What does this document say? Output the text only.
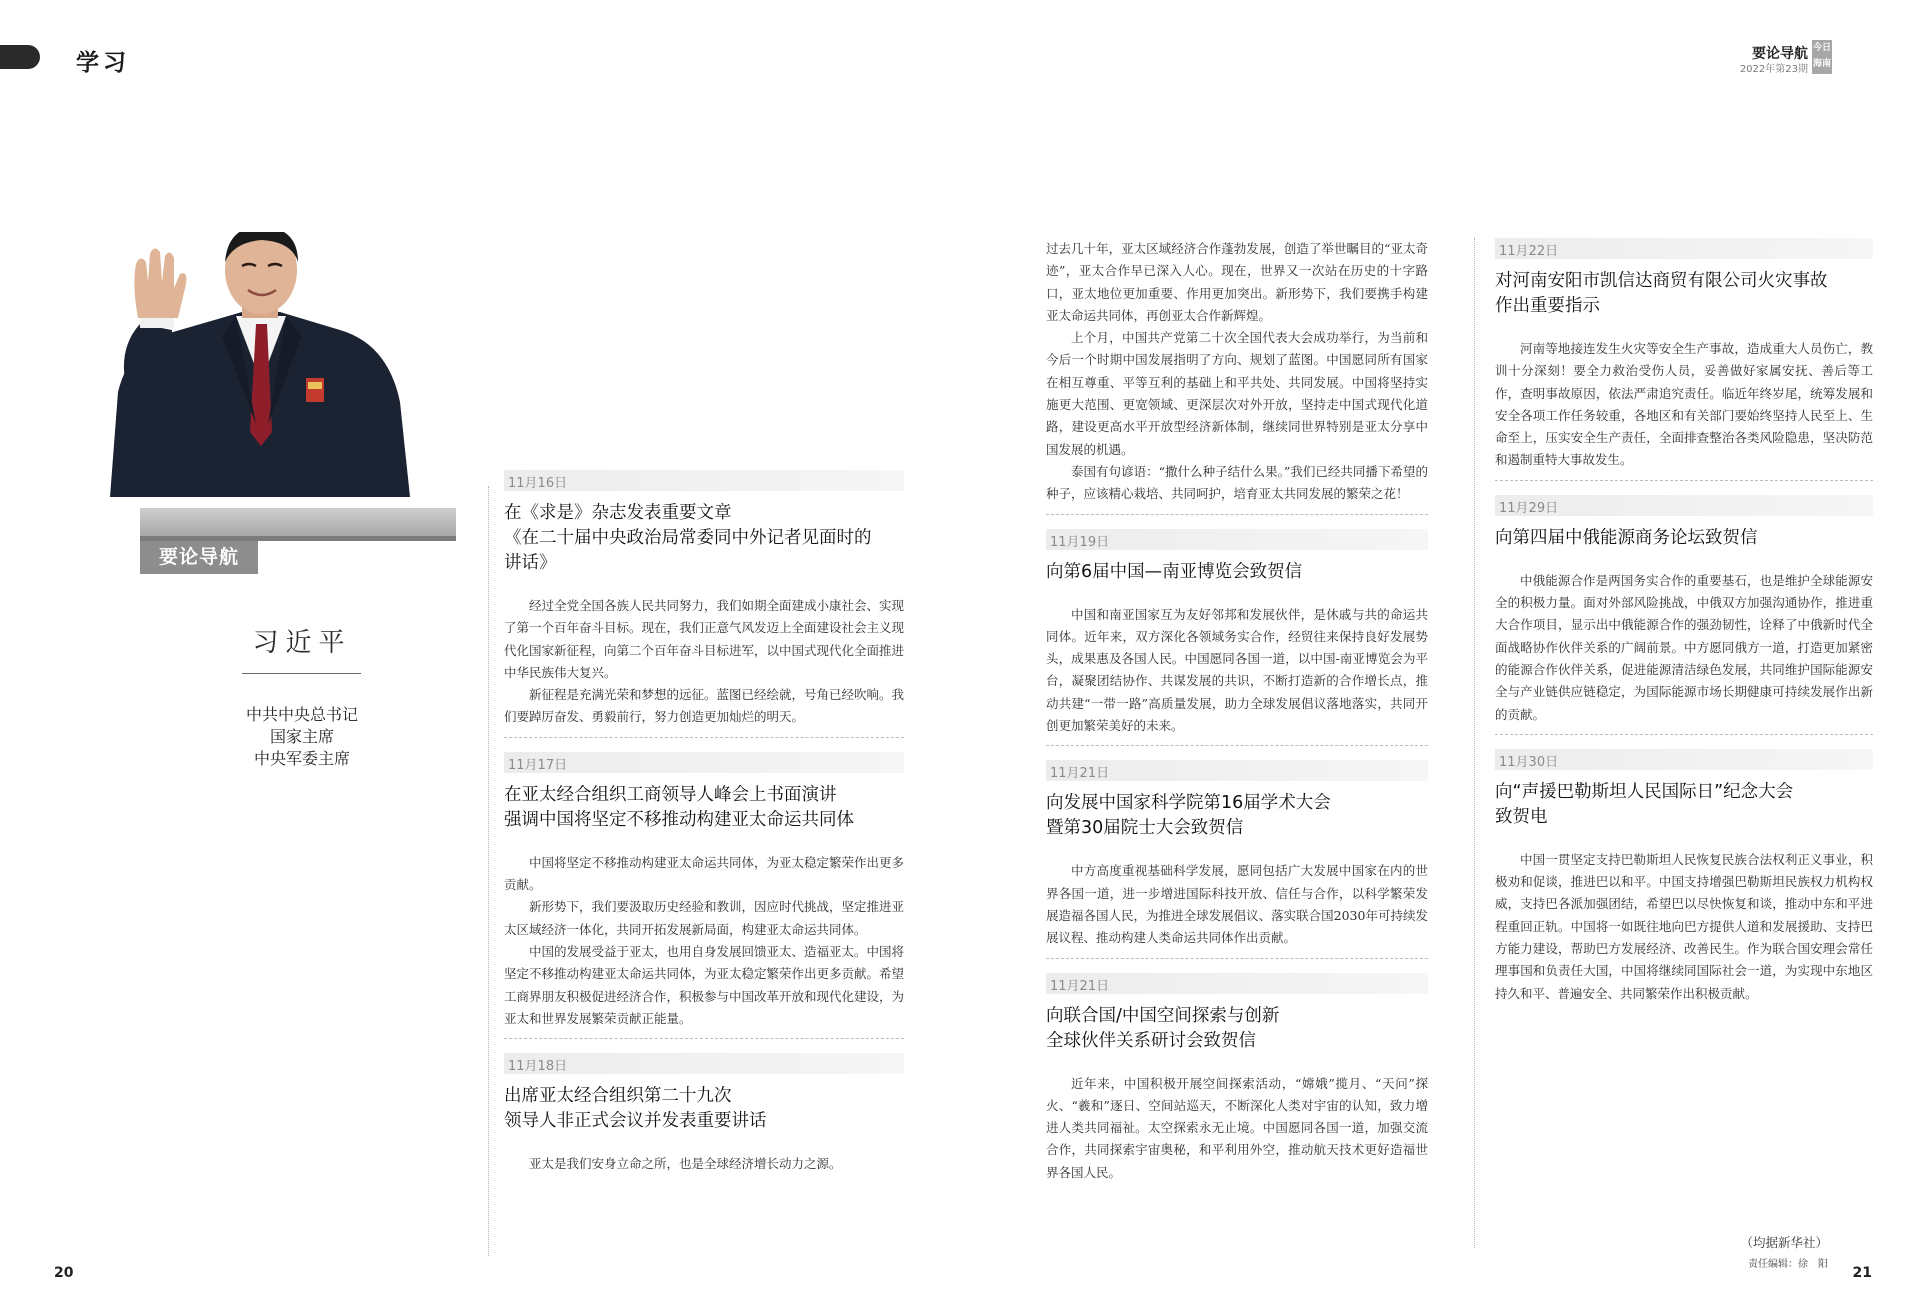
学习	要论导航
2022年第23期
今日 海南
要论导航
习近平
中共中央总书记
国家主席
中央军委主席
11月16日
在《求是》杂志发表重要文章
《在二十届中央政治局常委同中外记者见面时的
讲话》

经过全党全国各族人民共同努力，我们如期全面建成小康社会、实现了第一个百年奋斗目标。现在，我们正意气风发迈上全面建设社会主义现代化国家新征程，向第二个百年奋斗目标进军，以中国式现代化全面推进中华民族伟大复兴。

新征程是充满光荣和梦想的远征。蓝图已经绘就，号角已经吹响。我们要踔厉奋发、勇毅前行，努力创造更加灿烂的明天。

11月17日
在亚太经合组织工商领导人峰会上书面演讲
强调中国将坚定不移推动构建亚太命运共同体

中国将坚定不移推动构建亚太命运共同体，为亚太稳定繁荣作出更多贡献。

新形势下，我们要汲取历史经验和教训，因应时代挑战，坚定推进亚太区域经济一体化，共同开拓发展新局面，构建亚太命运共同体。

中国的发展受益于亚太，也用自身发展回馈亚太、造福亚太。中国将坚定不移推动构建亚太命运共同体，为亚太稳定繁荣作出更多贡献。希望工商界朋友积极促进经济合作，积极参与中国改革开放和现代化建设，为亚太和世界发展繁荣贡献正能量。

11月18日
出席亚太经合组织第二十九次
领导人非正式会议并发表重要讲话

亚太是我们安身立命之所，也是全球经济增长动力之源。

过去几十年，亚太区域经济合作蓬勃发展，创造了举世瞩目的“亚太奇迹”，亚太合作早已深入人心。现在，世界又一次站在历史的十字路口，亚太地位更加重要、作用更加突出。新形势下，我们要携手构建亚太命运共同体，再创亚太合作新辉煌。

上个月，中国共产党第二十次全国代表大会成功举行，为当前和今后一个时期中国发展指明了方向、规划了蓝图。中国愿同所有国家在相互尊重、平等互利的基础上和平共处、共同发展。中国将坚持实施更大范围、更宽领域、更深层次对外开放，坚持走中国式现代化道路，建设更高水平开放型经济新体制，继续同世界特别是亚太分享中国发展的机遇。

泰国有句谚语：“撒什么种子结什么果。”我们已经共同播下希望的种子，应该精心栽培、共同呵护，培育亚太共同发展的繁荣之花！

11月19日
向第6届中国—南亚博览会致贺信

中国和南亚国家互为友好邻邦和发展伙伴，是休戚与共的命运共同体。近年来，双方深化各领域务实合作，经贸往来保持良好发展势头，成果惠及各国人民。中国愿同各国一道，以中国-南亚博览会为平台，凝聚团结协作、共谋发展的共识，不断打造新的合作增长点，推动共建“一带一路”高质量发展，助力全球发展倡议落地落实，共同开创更加繁荣美好的未来。

11月21日
向发展中国家科学院第16届学术大会
暨第30届院士大会致贺信

中方高度重视基础科学发展，愿同包括广大发展中国家在内的世界各国一道，进一步增进国际科技开放、信任与合作，以科学繁荣发展造福各国人民，为推进全球发展倡议、落实联合国2030年可持续发展议程、推动构建人类命运共同体作出贡献。

11月21日
向联合国/中国空间探索与创新
全球伙伴关系研讨会致贺信

近年来，中国积极开展空间探索活动，“嫦娥”揽月、“天问”探火、“羲和”逐日、空间站巡天，不断深化人类对宇宙的认知，致力增进人类共同福祉。太空探索永无止境。中国愿同各国一道，加强交流合作，共同探索宇宙奥秘，和平利用外空，推动航天技术更好造福世界各国人民。

11月22日
对河南安阳市凯信达商贸有限公司火灾事故
作出重要指示

河南等地接连发生火灾等安全生产事故，造成重大人员伤亡，教训十分深刻！要全力救治受伤人员，妥善做好家属安抚、善后等工作，查明事故原因，依法严肃追究责任。临近年终岁尾，统筹发展和安全各项工作任务较重，各地区和有关部门要始终坚持人民至上、生命至上，压实安全生产责任，全面排查整治各类风险隐患，坚决防范和遏制重特大事故发生。

11月29日
向第四届中俄能源商务论坛致贺信

中俄能源合作是两国务实合作的重要基石，也是维护全球能源安全的积极力量。面对外部风险挑战，中俄双方加强沟通协作，推进重大合作项目，显示出中俄能源合作的强劲韧性，诠释了中俄新时代全面战略协作伙伴关系的广阔前景。中方愿同俄方一道，打造更加紧密的能源合作伙伴关系，促进能源清洁绿色发展，共同维护国际能源安全与产业链供应链稳定，为国际能源市场长期健康可持续发展作出新的贡献。

11月30日
向“声援巴勒斯坦人民国际日”纪念大会
致贺电

中国一贯坚定支持巴勒斯坦人民恢复民族合法权利正义事业，积极劝和促谈，推进巴以和平。中国支持增强巴勒斯坦民族权力机构权威，支持巴各派加强团结，希望巴以尽快恢复和谈，推动中东和平进程重回正轨。中国将一如既往地向巴方提供人道和发展援助、支持巴方能力建设，帮助巴方发展经济、改善民生。作为联合国安理会常任理事国和负责任大国，中国将继续同国际社会一道，为实现中东地区持久和平、普遍安全、共同繁荣作出积极贡献。

（均据新华社）
责任编辑：徐　阳
20	21
